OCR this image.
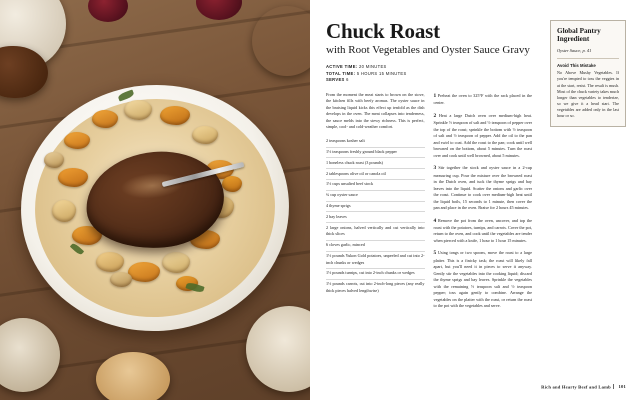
Chuck Roast
with Root Vegetables and Oyster Sauce Gravy
ACTIVE TIME: 20 MINUTES
TOTAL TIME: 5 HOURS 15 MINUTES
SERVES 6

From the moment the meat starts to brown on the stove, the kitchen fills with beefy aromas. The oyster sauce in the braising liquid kicks this effect up tenfold as the dish develops in the oven. The meat collapses into tenderness, the sauce melds into the stewy richness. This is perfect, simple, cool- and cold-weather comfort.

2 teaspoons kosher salt
1½ teaspoons freshly ground black pepper
1 boneless chuck roast (3 pounds)
2 tablespoons olive oil or canola oil
1½ cups unsalted beef stock
¾ cup oyster sauce
4 thyme sprigs
2 bay leaves
2 large onions, halved vertically and cut vertically into thick slices
6 cloves garlic, minced
1½ pounds Yukon Gold potatoes, unpeeled and cut into 2-inch chunks or wedges
1½ pounds turnips, cut into 2-inch chunks or wedges
1½ pounds carrots, cut into 2-inch-long pieces (any really thick pieces halved lengthwise)

1 Preheat the oven to 325°F with the rack placed in the center.

2 Heat a large Dutch oven over medium-high heat. Sprinkle ½ teaspoon of salt and ½ teaspoon of pepper over the top of the roast; sprinkle the bottom with ½ teaspoon of salt and ½ teaspoon of pepper. Add the oil to the pan and swirl to coat. Add the roast to the pan; cook until well browned on the bottom, about 5 minutes. Turn the roast over and cook until well browned, about 5 minutes.

3 Stir together the stock and oyster sauce in a 2-cup measuring cup. Pour the mixture over the browned roast in the Dutch oven, and tuck the thyme sprigs and bay leaves into the liquid. Scatter the onions and garlic over the roast. Continue to cook over medium-high heat until the liquid boils, 15 seconds to 1 minute, then cover the pan and place in the oven. Braise for 2 hours 45 minutes.

4 Remove the pot from the oven, uncover, and top the roast with the potatoes, turnips, and carrots. Cover the pot, return to the oven, and cook until the vegetables are tender when pierced with a knife, 1 hour to 1 hour 15 minutes.

5 Using tongs or two spoons, move the roast to a large platter. This is a finicky task; the roast will likely fall apart, but you'll need it in pieces to serve it anyway. Gently stir the vegetables into the cooking liquid; discard the thyme sprigs and bay leaves. Sprinkle the vegetables with the remaining ½ teaspoon salt and ½ teaspoon pepper; toss again gently to combine. Arrange the vegetables on the platter with the roast, or return the roast to the pot with the vegetables and serve.

Global Pantry Ingredient
Oyster Sauce, p. 41
Avoid This Mistake

No Above Mushy Vegetables. If you're tempted to toss the veggies in at the start, resist. The result is mush. Most of the chuck variety takes much longer than vegetables to tenderize, so we give it a head start. The vegetables are added only in the last hour or so.

Rich and Hearty Beef and Lamb 101
